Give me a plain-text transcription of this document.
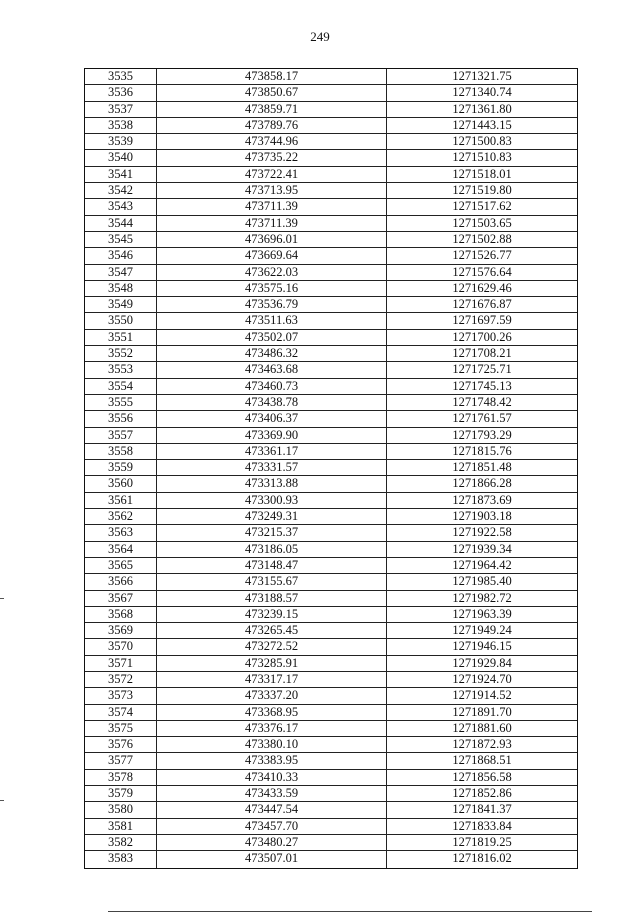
249
3535	473858.17	1271321.75
3536	473850.67	1271340.74
3537	473859.71	1271361.80
3538	473789.76	1271443.15
3539	473744.96	1271500.83
3540	473735.22	1271510.83
3541	473722.41	1271518.01
3542	473713.95	1271519.80
3543	473711.39	1271517.62
3544	473711.39	1271503.65
3545	473696.01	1271502.88
3546	473669.64	1271526.77
3547	473622.03	1271576.64
3548	473575.16	1271629.46
3549	473536.79	1271676.87
3550	473511.63	1271697.59
3551	473502.07	1271700.26
3552	473486.32	1271708.21
3553	473463.68	1271725.71
3554	473460.73	1271745.13
3555	473438.78	1271748.42
3556	473406.37	1271761.57
3557	473369.90	1271793.29
3558	473361.17	1271815.76
3559	473331.57	1271851.48
3560	473313.88	1271866.28
3561	473300.93	1271873.69
3562	473249.31	1271903.18
3563	473215.37	1271922.58
3564	473186.05	1271939.34
3565	473148.47	1271964.42
3566	473155.67	1271985.40
3567	473188.57	1271982.72
3568	473239.15	1271963.39
3569	473265.45	1271949.24
3570	473272.52	1271946.15
3571	473285.91	1271929.84
3572	473317.17	1271924.70
3573	473337.20	1271914.52
3574	473368.95	1271891.70
3575	473376.17	1271881.60
3576	473380.10	1271872.93
3577	473383.95	1271868.51
3578	473410.33	1271856.58
3579	473433.59	1271852.86
3580	473447.54	1271841.37
3581	473457.70	1271833.84
3582	473480.27	1271819.25
3583	473507.01	1271816.02
